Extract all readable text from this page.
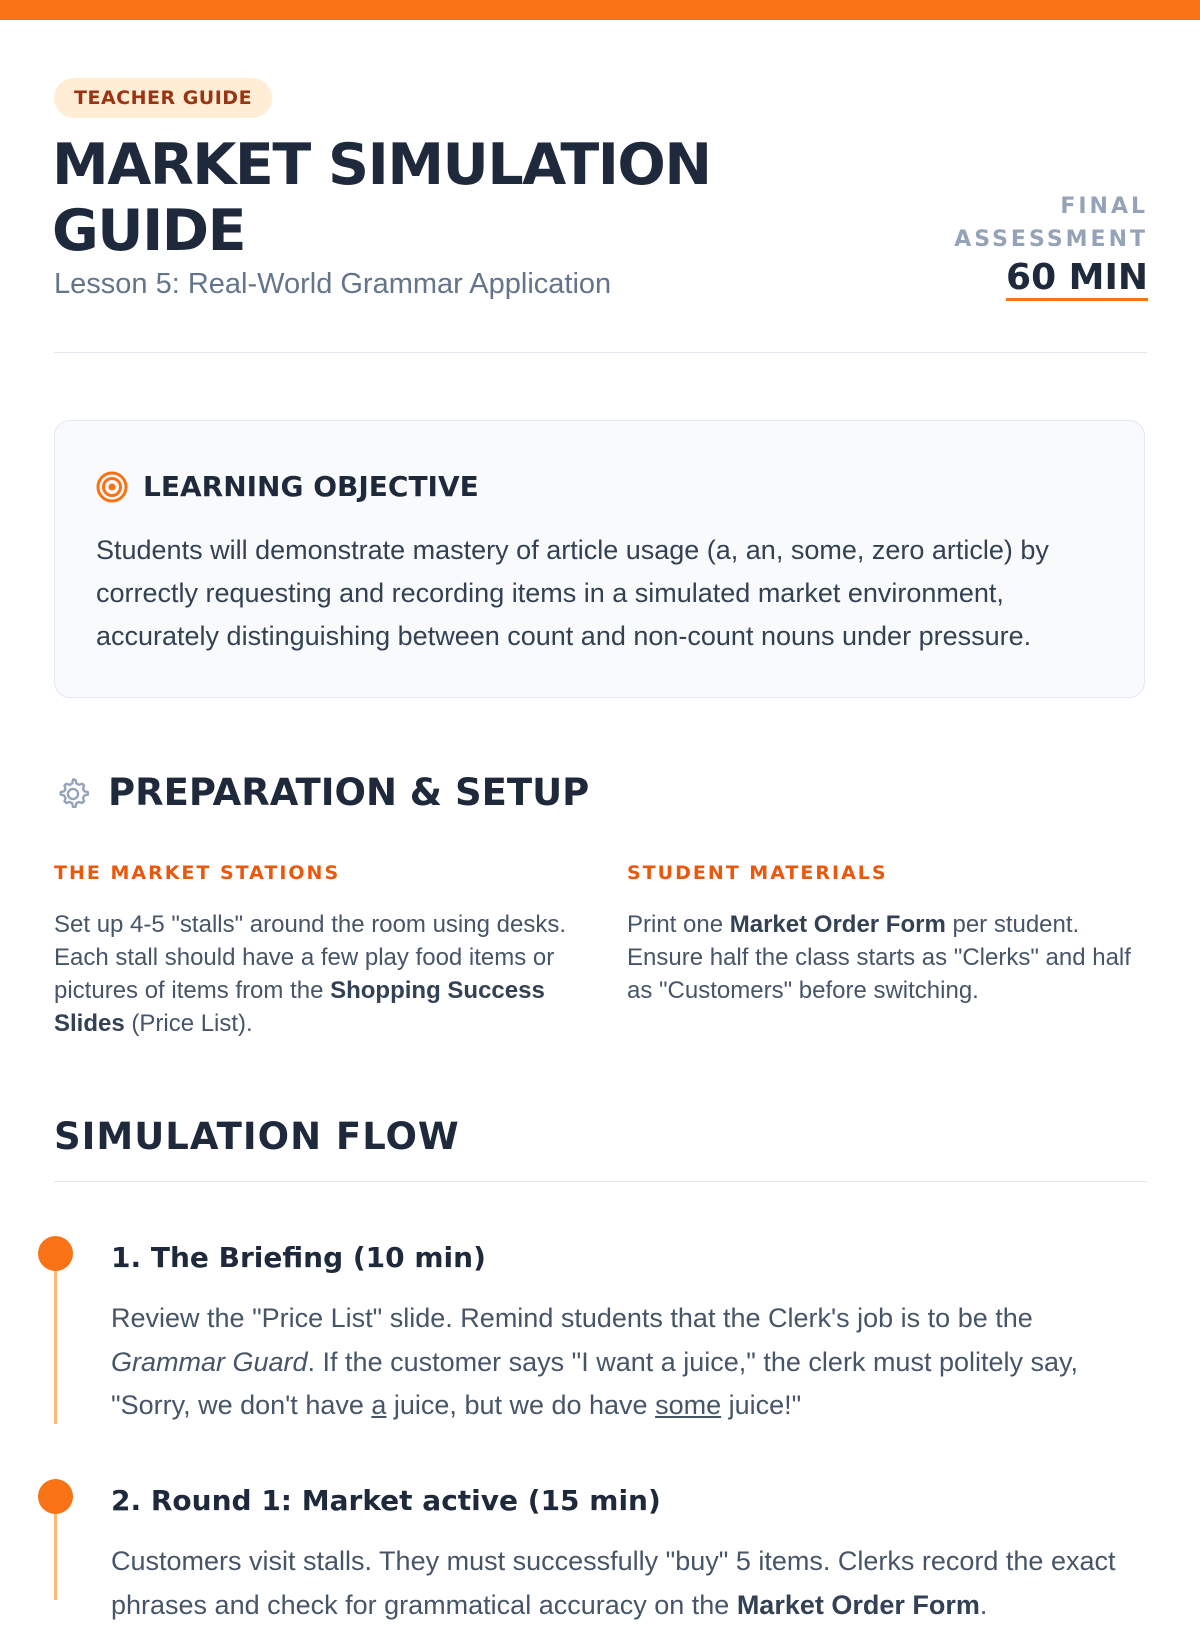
TEACHER GUIDE
MARKET SIMULATION GUIDE

Lesson 5: Real-World Grammar Application

FINAL ASSESSMENT
60 MIN
LEARNING OBJECTIVE

Students will demonstrate mastery of article usage (a, an, some, zero article) by correctly requesting and recording items in a simulated market environment, accurately distinguishing between count and non-count nouns under pressure.

PREPARATION & SETUP
THE MARKET STATIONS

Set up 4-5 "stalls" around the room using desks. Each stall should have a few play food items or pictures of items from the Shopping Success Slides (Price List).

STUDENT MATERIALS

Print one Market Order Form per student. Ensure half the class starts as "Clerks" and half as "Customers" before switching.

SIMULATION FLOW
1. The Briefing (10 min)

Review the "Price List" slide. Remind students that the Clerk's job is to be the Grammar Guard. If the customer says "I want a juice," the clerk must politely say, "Sorry, we don't have a juice, but we do have some juice!"

2. Round 1: Market active (15 min)

Customers visit stalls. They must successfully "buy" 5 items. Clerks record the exact phrases and check for grammatical accuracy on the Market Order Form.
